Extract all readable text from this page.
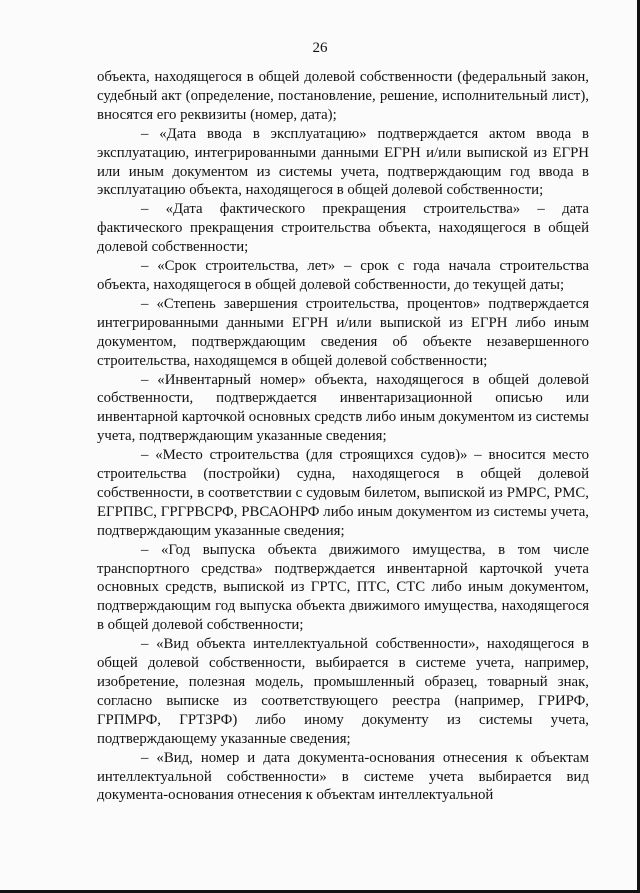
26

объекта, находящегося в общей долевой собственности (федеральный закон, судебный акт (определение, постановление, решение, исполнительный лист), вносятся его реквизиты (номер, дата);

– «Дата ввода в эксплуатацию» подтверждается актом ввода в эксплуатацию, интегрированными данными ЕГРН и/или выпиской из ЕГРН или иным документом из системы учета, подтверждающим год ввода в эксплуатацию объекта, находящегося в общей долевой собственности;

– «Дата фактического прекращения строительства» – дата фактического прекращения строительства объекта, находящегося в общей долевой собственности;

– «Срок строительства, лет» – срок с года начала строительства объекта, находящегося в общей долевой собственности, до текущей даты;

– «Степень завершения строительства, процентов» подтверждается интегрированными данными ЕГРН и/или выпиской из ЕГРН либо иным документом, подтверждающим сведения об объекте незавершенного строительства, находящемся в общей долевой собственности;

– «Инвентарный номер» объекта, находящегося в общей долевой собственности, подтверждается инвентаризационной описью или инвентарной карточкой основных средств либо иным документом из системы учета, подтверждающим указанные сведения;

– «Место строительства (для строящихся судов)» – вносится место строительства (постройки) судна, находящегося в общей долевой собственности, в соответствии с судовым билетом, выпиской из РМРС, РМС, ЕГРПВС, ГРГРВСРФ, РВСАОНРФ либо иным документом из системы учета, подтверждающим указанные сведения;

– «Год выпуска объекта движимого имущества, в том числе транспортного средства» подтверждается инвентарной карточкой учета основных средств, выпиской из ГРТС, ПТС, СТС либо иным документом, подтверждающим год выпуска объекта движимого имущества, находящегося в общей долевой собственности;

– «Вид объекта интеллектуальной собственности», находящегося в общей долевой собственности, выбирается в системе учета, например, изобретение, полезная модель, промышленный образец, товарный знак, согласно выписке из соответствующего реестра (например, ГРИРФ, ГРПМРФ, ГРТЗРФ) либо иному документу из системы учета, подтверждающему указанные сведения;

– «Вид, номер и дата документа-основания отнесения к объектам интеллектуальной собственности» в системе учета выбирается вид документа-основания отнесения к объектам интеллектуальной
